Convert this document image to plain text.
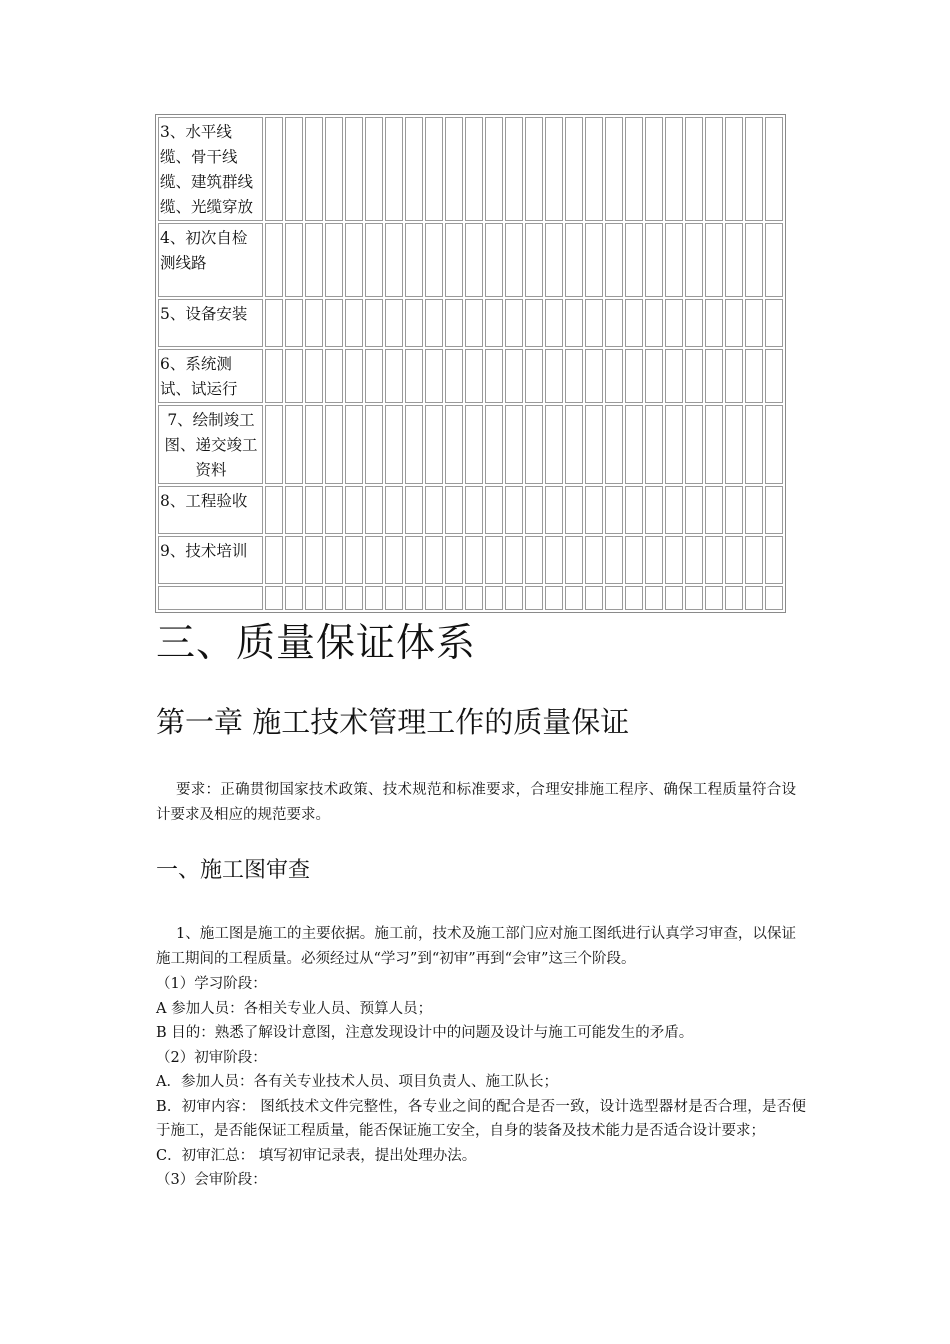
3、水平线缆、骨干线缆、建筑群线缆、光缆穿放																										
4、初次自检测线路																										
5、设备安装																										
6、系统测试、试运行																										
7、绘制竣工图、递交竣工资料																										
8、工程验收																										
9、技术培训																										

三、质量保证体系
第一章 施工技术管理工作的质量保证

要求：正确贯彻国家技术政策、技术规范和标准要求，合理安排施工程序、确保工程质量符合设计要求及相应的规范要求。

一、施工图审查

1、施工图是施工的主要依据。施工前，技术及施工部门应对施工图纸进行认真学习审查，以保证施工期间的工程质量。必须经过从“学习”到“初审”再到“会审”这三个阶段。

（1）学习阶段：
A 参加人员：各相关专业人员、预算人员；
B 目的：熟悉了解设计意图，注意发现设计中的问题及设计与施工可能发生的矛盾。
（2）初审阶段：
A．参加人员：各有关专业技术人员、项目负责人、施工队长；
B．初审内容： 图纸技术文件完整性，各专业之间的配合是否一致，设计选型器材是否合理，是否便于施工，是否能保证工程质量，能否保证施工安全，自身的装备及技术能力是否适合设计要求；
C．初审汇总： 填写初审记录表，提出处理办法。
（3）会审阶段：
